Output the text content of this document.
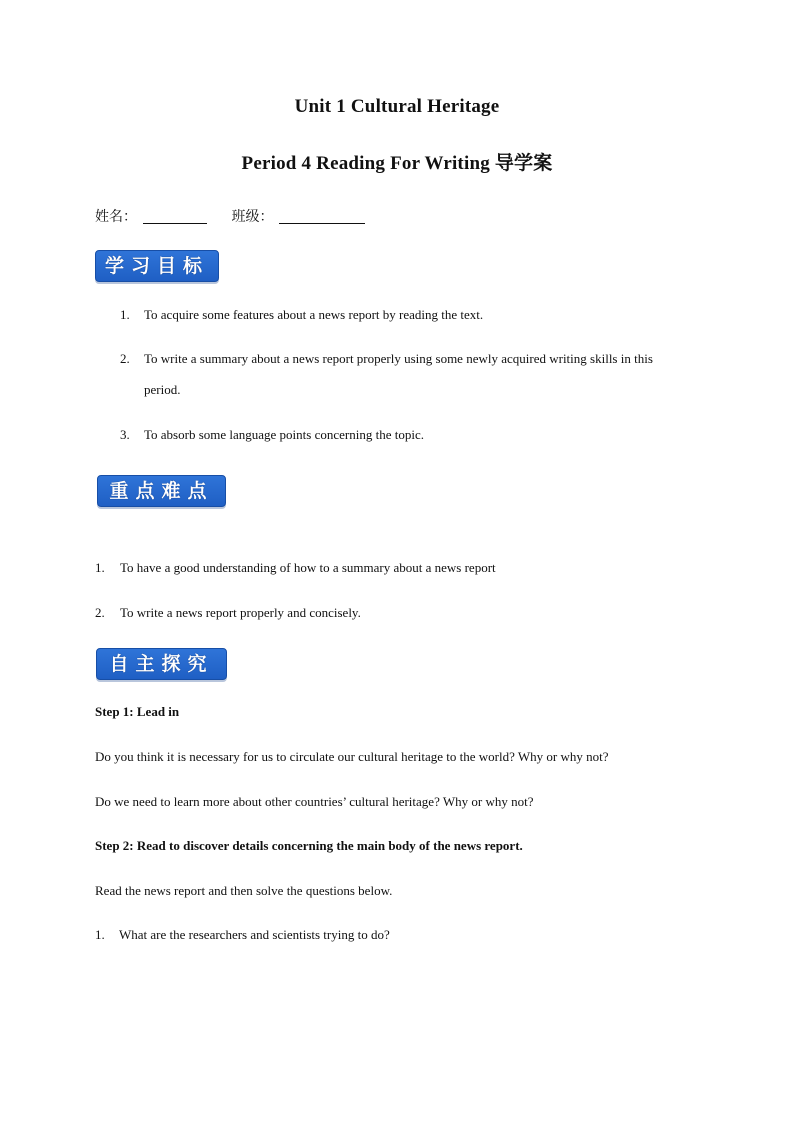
Unit 1 Cultural Heritage
Period 4 Reading For Writing 导学案
姓名：	班级：
学习目标
1. To acquire some features about a news report by reading the text.
2. To write a summary about a news report properly using some newly acquired writing skills in this
period.
3. To absorb some language points concerning the topic.
重点难点
1. To have a good understanding of how to a summary about a news report
2. To write a news report properly and concisely.
自主探究
Step 1: Lead in
Do you think it is necessary for us to circulate our cultural heritage to the world? Why or why not?
Do we need to learn more about other countries’ cultural heritage? Why or why not?
Step 2: Read to discover details concerning the main body of the news report.
Read the news report and then solve the questions below.
1. What are the researchers and scientists trying to do?
